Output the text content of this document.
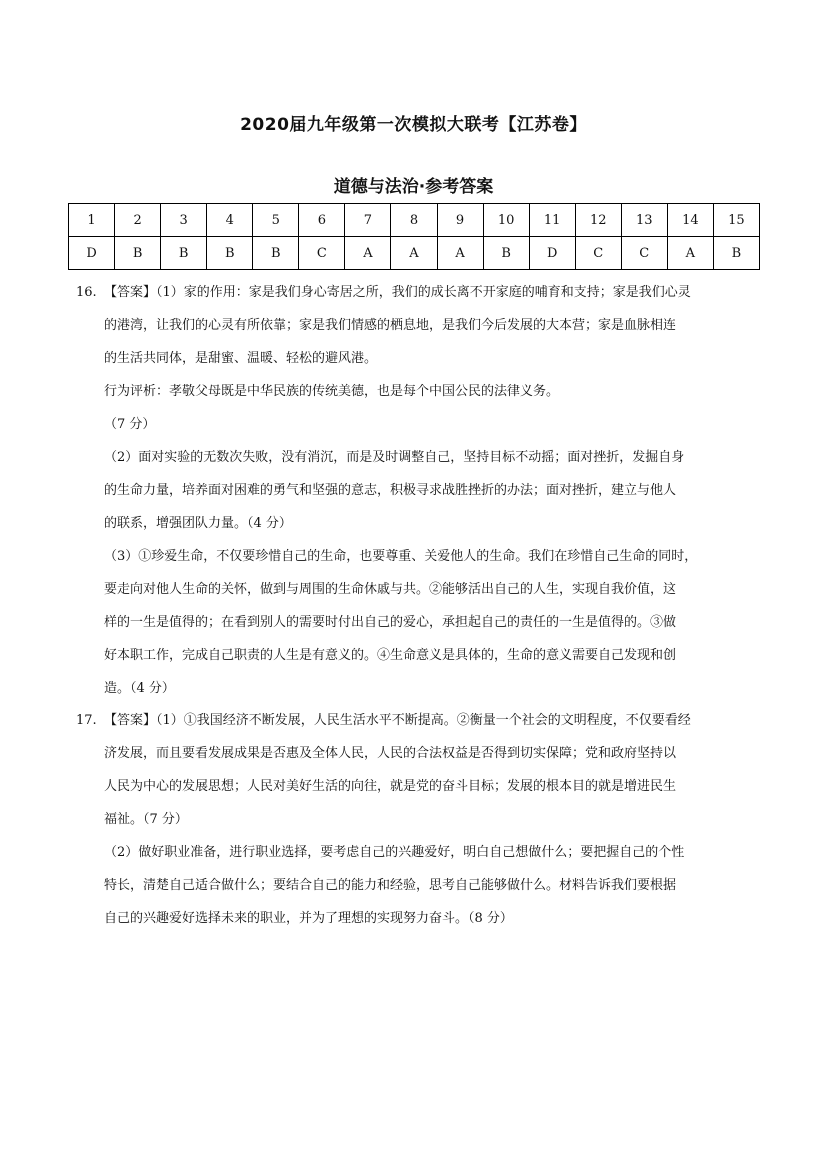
2020届九年级第一次模拟大联考【江苏卷】
道德与法治·参考答案
1	2	3	4	5	6	7	8	9	10	11	12	13	14	15
D	B	B	B	B	C	A	A	A	B	D	C	C	A	B
16. 【答案】（1）家的作用：家是我们身心寄居之所，我们的成长离不开家庭的哺育和支持；家是我们心灵
的港湾，让我们的心灵有所依靠；家是我们情感的栖息地，是我们今后发展的大本营；家是血脉相连
的生活共同体，是甜蜜、温暖、轻松的避风港。
行为评析：孝敬父母既是中华民族的传统美德，也是每个中国公民的法律义务。
（7 分）
（2）面对实验的无数次失败，没有消沉，而是及时调整自己，坚持目标不动摇；面对挫折，发掘自身
的生命力量，培养面对困难的勇气和坚强的意志，积极寻求战胜挫折的办法；面对挫折，建立与他人
的联系，增强团队力量。（4 分）
（3）①珍爱生命，不仅要珍惜自己的生命，也要尊重、关爱他人的生命。我们在珍惜自己生命的同时，
要走向对他人生命的关怀，做到与周围的生命休戚与共。②能够活出自己的人生，实现自我价值，这
样的一生是值得的；在看到别人的需要时付出自己的爱心，承担起自己的责任的一生是值得的。③做
好本职工作，完成自己职责的人生是有意义的。④生命意义是具体的，生命的意义需要自己发现和创
造。（4 分）
17. 【答案】（1）①我国经济不断发展，人民生活水平不断提高。②衡量一个社会的文明程度，不仅要看经
济发展，而且要看发展成果是否惠及全体人民，人民的合法权益是否得到切实保障；党和政府坚持以
人民为中心的发展思想；人民对美好生活的向往，就是党的奋斗目标；发展的根本目的就是增进民生
福祉。（7 分）
（2）做好职业准备，进行职业选择，要考虑自己的兴趣爱好，明白自己想做什么；要把握自己的个性
特长，清楚自己适合做什么；要结合自己的能力和经验，思考自己能够做什么。材料告诉我们要根据
自己的兴趣爱好选择未来的职业，并为了理想的实现努力奋斗。（8 分）
